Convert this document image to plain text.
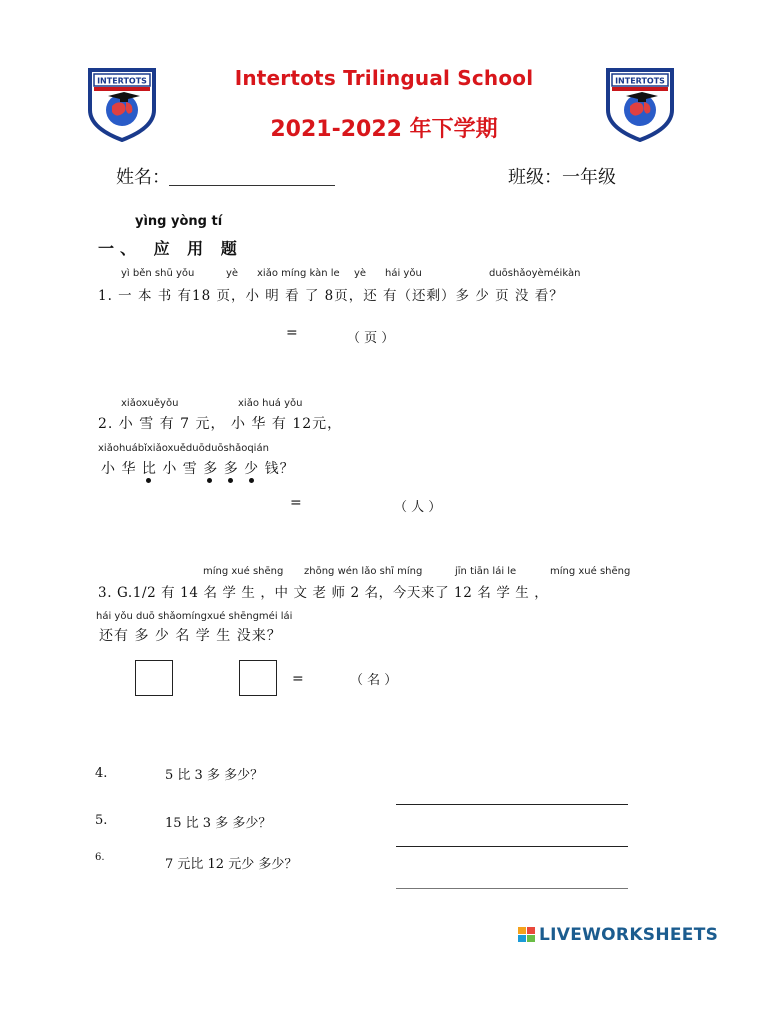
INTERTOTS	INTERTOTS
Intertots Trilingual School
2021-2022 年下学期
姓名：	班级：一年级
yìng yòng tí
一、 应 用 题
yì běn shū yǒu	yè xiǎo míng kàn le yè hái yǒu	duōshǎoyèméikàn
1. 一 本 书 有18 页，小 明 看 了 8页，还 有（还剩）多 少 页 没 看？
=	（ 页 ）
xiǎoxuěyǒu	xiǎo huá yǒu
2. 小 雪 有 7 元， 小 华 有 12元，
xiǎohuábǐxiǎoxuěduōduōshǎoqián
小 华 比 小 雪 多 多 少 钱？
=	（ 人 ）
míng xué shēng zhōng wén lǎo shī míng	jīn tiān lái le	míng xué shēng
3. G.1/2 有 14 名 学 生 ，中 文 老 师 2 名，今天来了 12 名 学 生 ，
hái yǒu duō shǎomíngxué shēngméi lái
还有 多 少 名 学 生 没来？
=	（ 名 ）
4.	5 比 3 多 多少？
5.	15 比 3 多 多少？
6.	7 元比 12 元少 多少？
LIVEWORKSHEETS
